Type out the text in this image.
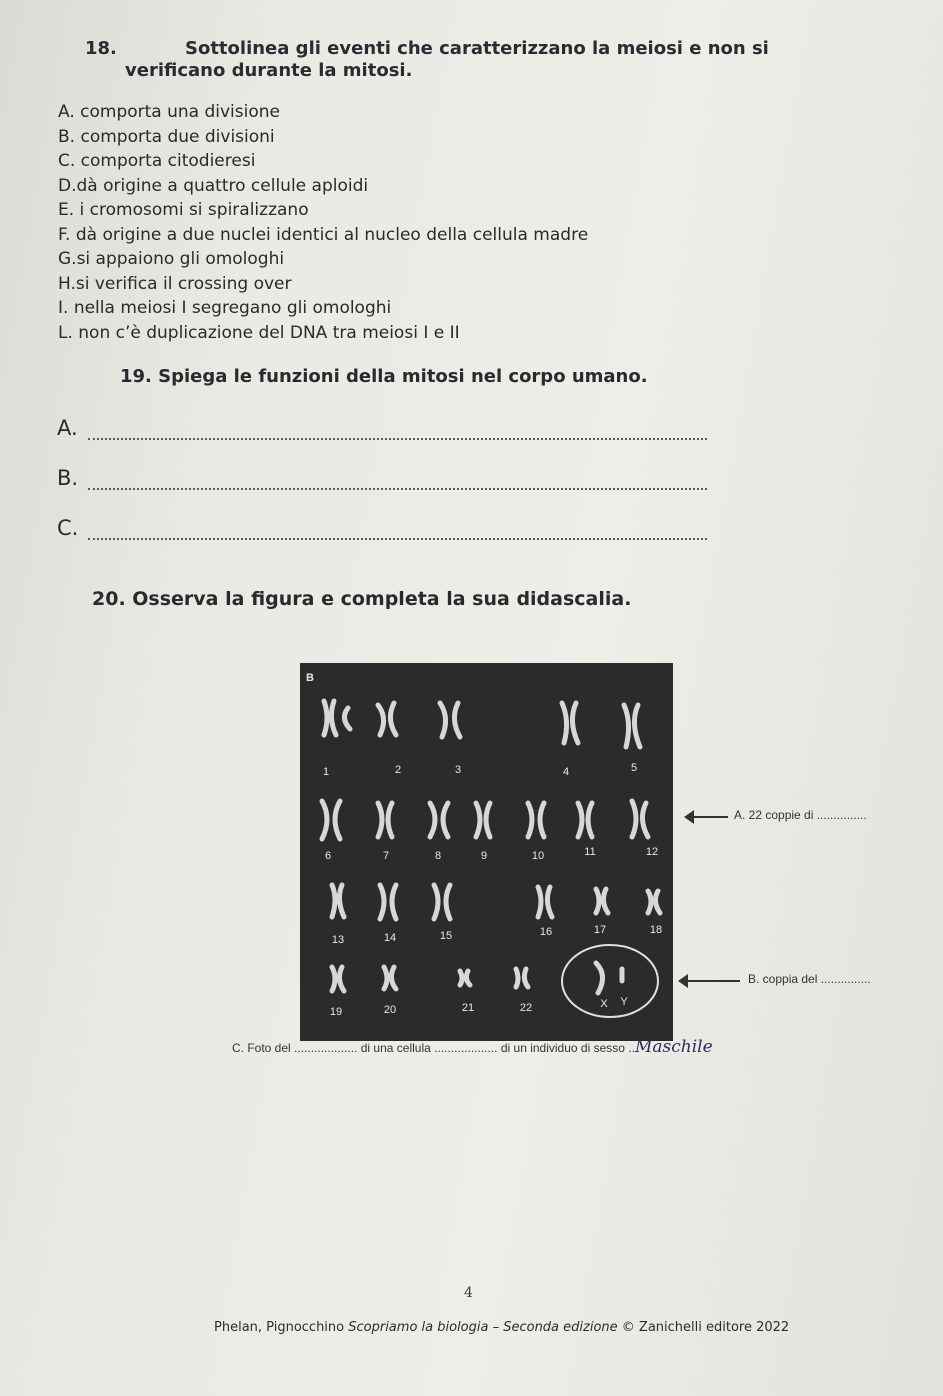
18.	Sottolinea gli eventi che caratterizzano la meiosi e non si
verificano durante la mitosi.
A. comporta una divisione
B. comporta due divisioni
C. comporta citodieresi
D.dà origine a quattro cellule aploidi
E. i cromosomi si spiralizzano
F. dà origine a due nuclei identici al nucleo della cellula madre
G.si appaiono gli omologhi
H.si verifica il crossing over
I. nella meiosi I segregano gli omologhi
L. non c’è duplicazione del DNA tra meiosi I e II
19. Spiega le funzioni della mitosi nel corpo umano.
A.
B.
C.
20. Osserva la figura e completa la sua didascalia.
B
1	2	3	4	5
6	7	8	9	10	11	12
13	14	15	16	17	18
19	20	21	22	X Y
A. 22 coppie di ...............
B. coppia del ...............
C. Foto del ................... di una cellula ................... di un individuo di sesso ..Maschile
4
Phelan, Pignocchino Scopriamo la biologia – Seconda edizione © Zanichelli editore 2022
